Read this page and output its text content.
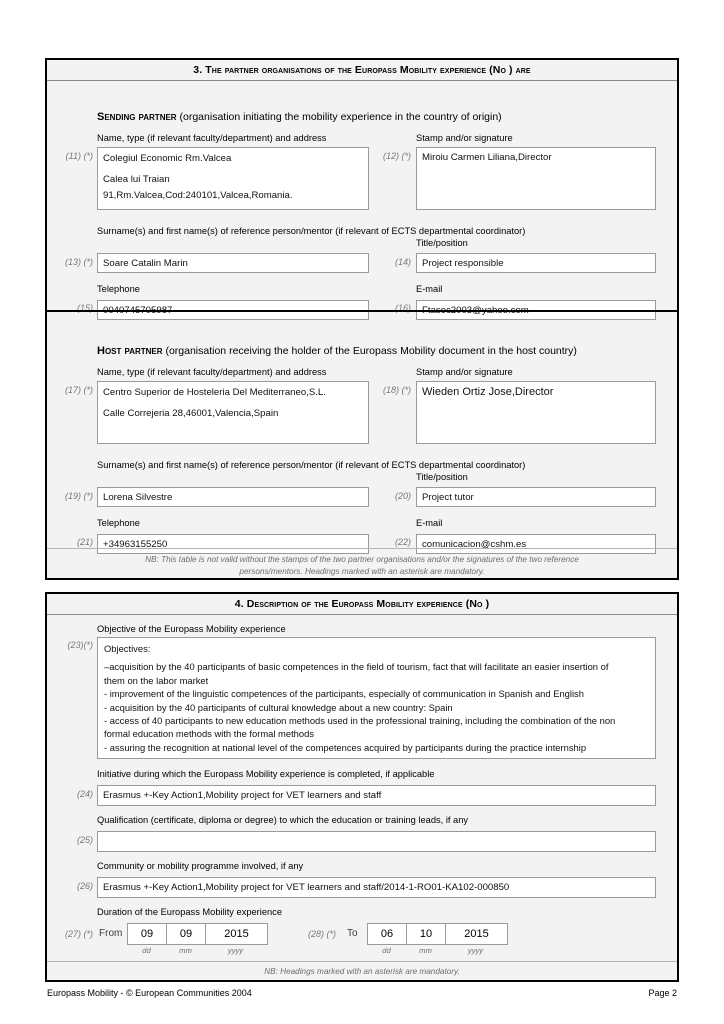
3. The partner organisations of the Europass Mobility experience (No ) are
Sending partner (organisation initiating the mobility experience in the country of origin)
Name, type (if relevant faculty/department) and address
(11) (*) Colegiul Economic Rm.Valcea
Calea lui Traian
91,Rm.Valcea,Cod:240101,Valcea,Romania.
Stamp and/or signature
(12) (*) Miroiu Carmen Liliana,Director
Surname(s) and first name(s) of reference person/mentor (if relevant of ECTS departmental coordinator)
(13) (*) Soare Catalin Marin
Title/position
(14) Project responsible
Telephone
(15) 0040745705987
E-mail
(16) Ftasec2003@yahoo.com
Host partner (organisation receiving the holder of the Europass Mobility document in the host country)
Name, type (if relevant faculty/department) and address
(17) (*) Centro Superior de Hosteleria Del Mediterraneo,S.L.
Calle Correjeria 28,46001,Valencia,Spain
Stamp and/or signature
(18) (*) Wieden Ortiz Jose,Director
Surname(s) and first name(s) of reference person/mentor (if relevant of ECTS departmental coordinator)
(19) (*) Lorena Silvestre
Title/position
(20) Project tutor
Telephone
(21) +34963155250
E-mail
(22) comunicacion@cshm.es
NB: This table is not valid without the stamps of the two partner organisations and/or the signatures of the two reference
persons/mentors. Headings marked with an asterisk are mandatory.
4. Description of the Europass Mobility experience (No )
Objective of the Europass Mobility experience
(23)(*) Objectives:
–acquisition by the 40 participants of basic competences in the field of tourism, fact that will facilitate an easier insertion of
them on the labor market
- improvement of the linguistic competences of the participants, especially of communication in Spanish and English
- acquisition by the 40 participants of cultural knowledge about a new country: Spain
- access of 40 participants to new education methods used in the professional training, including the combination of the non
formal education methods with the formal methods
- assuring the recognition at national level of the competences acquired by participants during the practice internship
Initiative during which the Europass Mobility experience is completed, if applicable
(24) Erasmus +-Key Action1,Mobility project for VET learners and staff
Qualification (certificate, diploma or degree) to which the education or training leads, if any
(25)
Community or mobility programme involved, if any
(26) Erasmus +-Key Action1,Mobility project for VET learners and staff/2014-1-RO01-KA102-000850
Duration of the Europass Mobility experience
(27) (*) From	09	09	2015
dd	mm	yyyy
(28) (*) To	06	10	2015
dd	mm	yyyy
NB: Headings marked with an asterisk are mandatory.
Europass Mobility - © European Communities 2004	Page 2
